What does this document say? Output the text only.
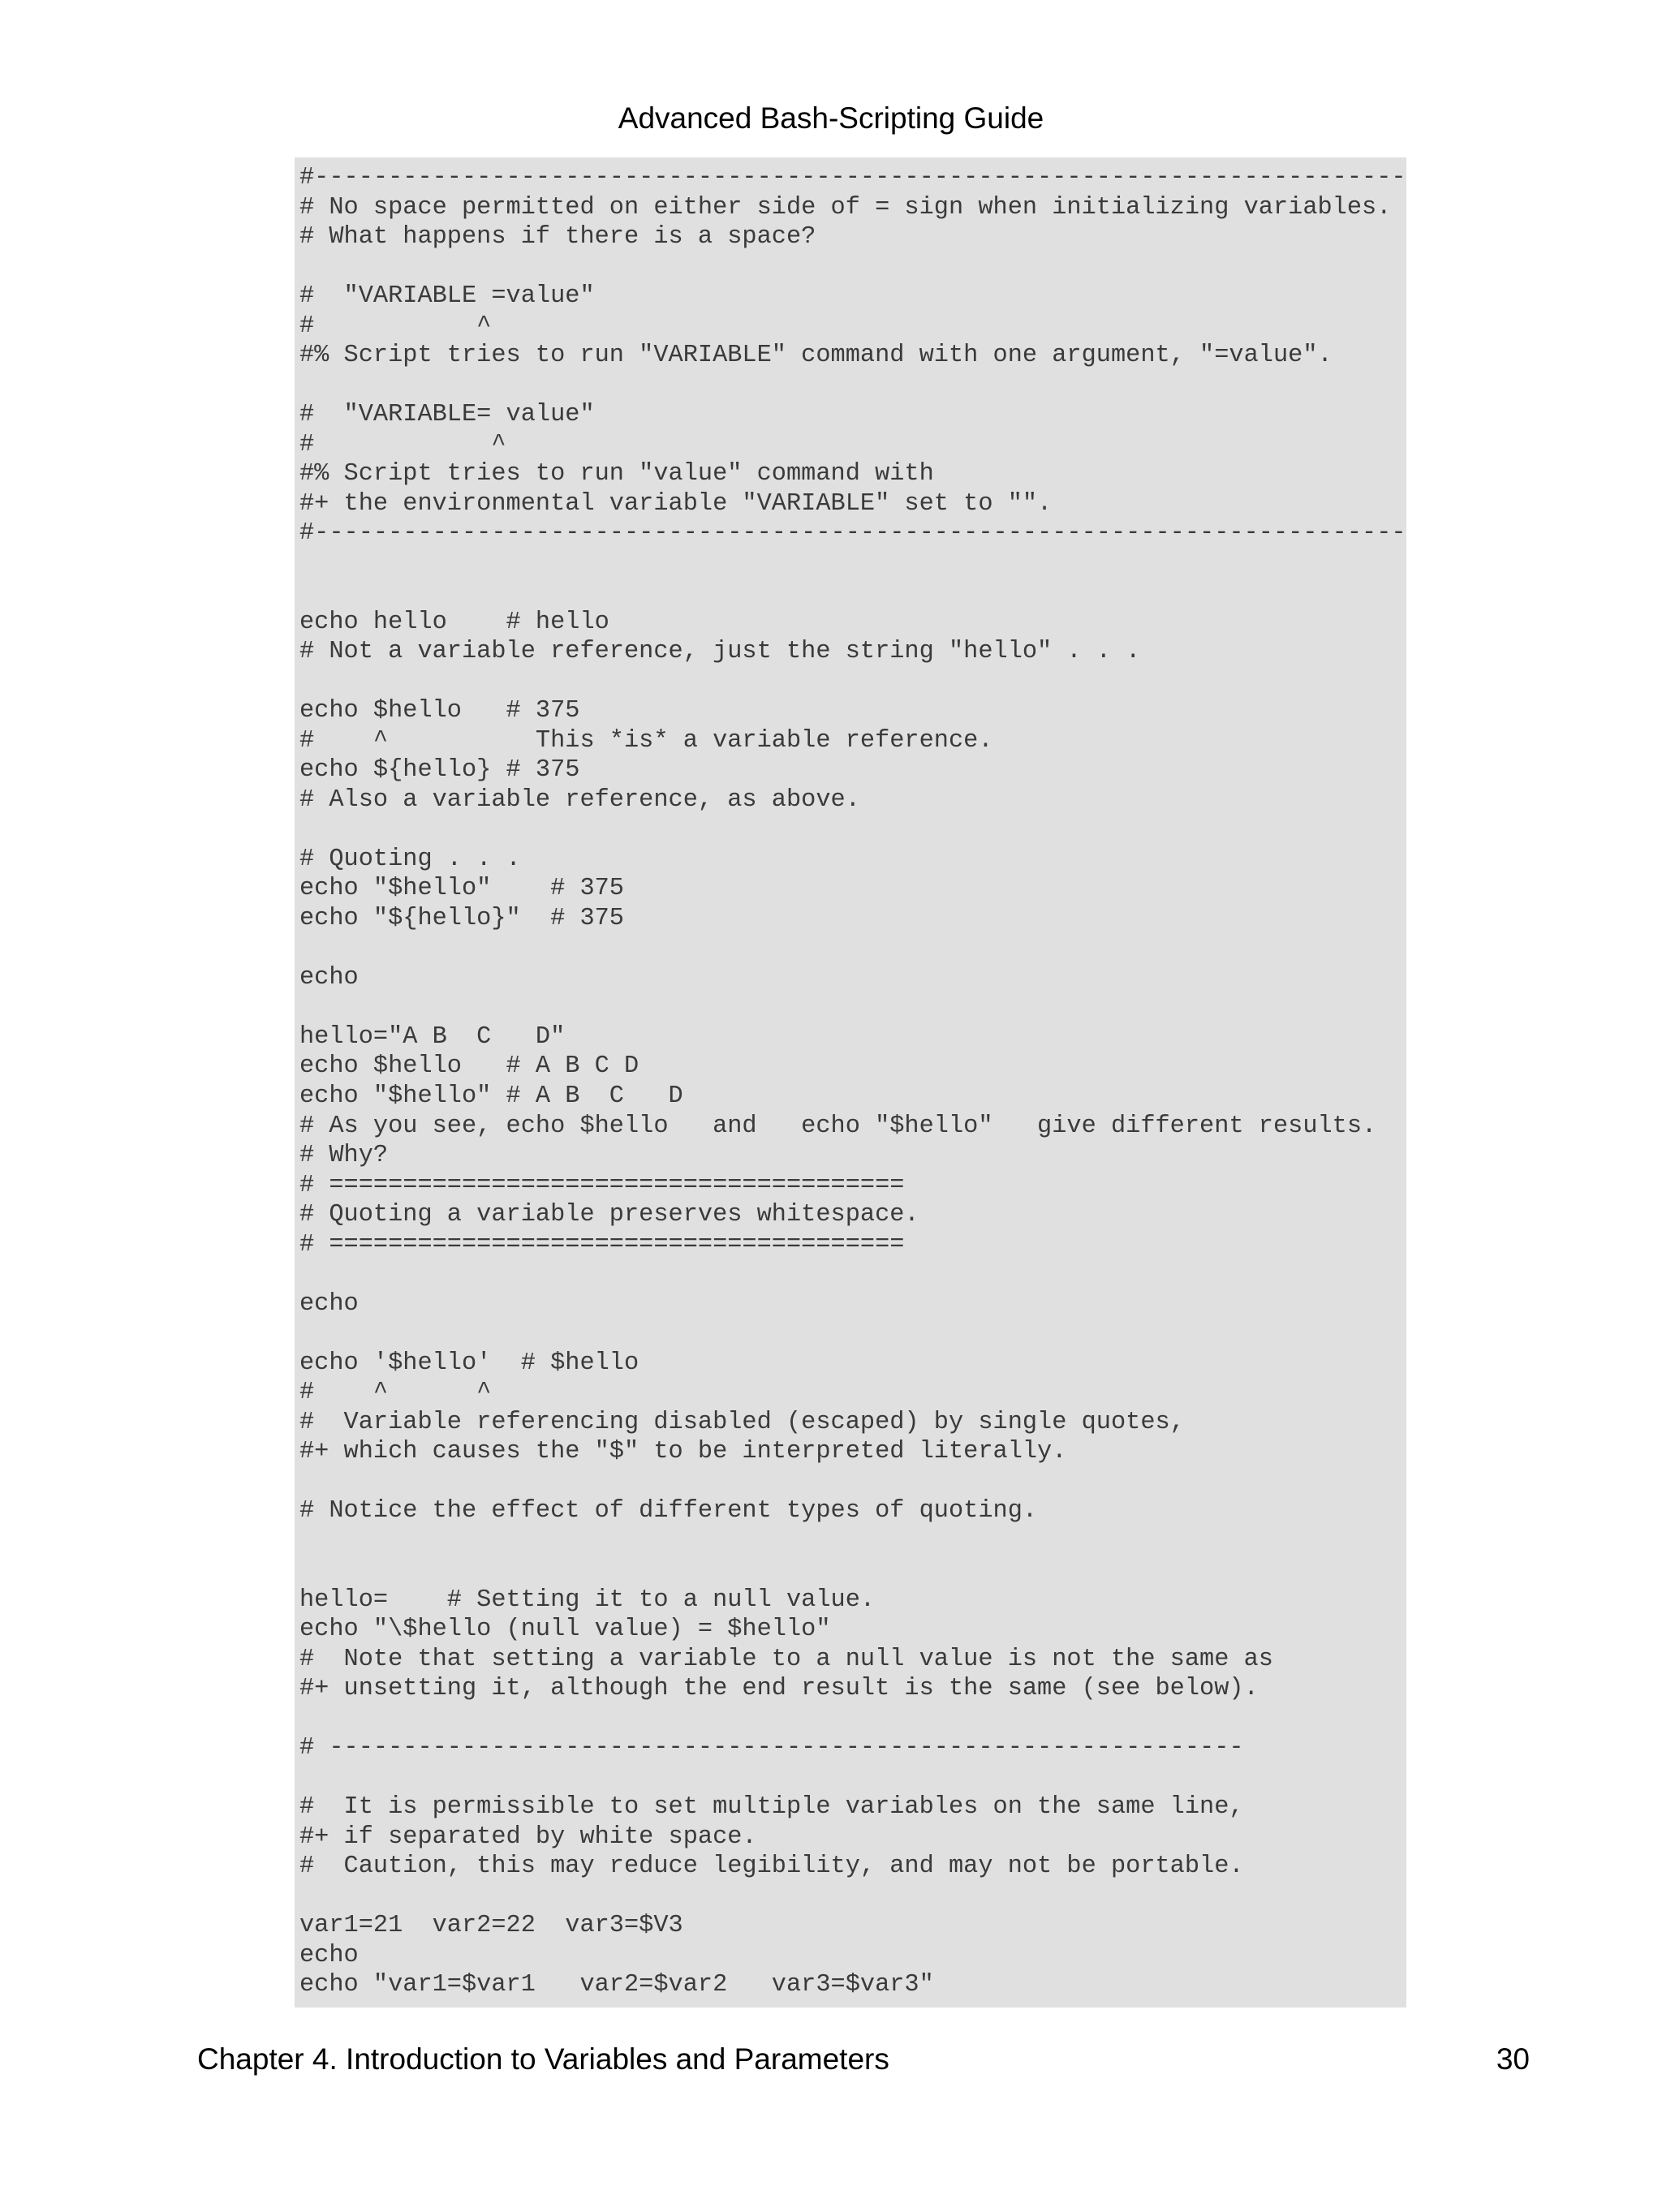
Advanced Bash-Scripting Guide
#--------------------------------------------------------------------------
# No space permitted on either side of = sign when initializing variables.
# What happens if there is a space?
#  "VARIABLE =value"
#           ^
#% Script tries to run "VARIABLE" command with one argument, "=value".
#  "VARIABLE= value"
#            ^
#% Script tries to run "value" command with
#+ the environmental variable "VARIABLE" set to "".
#--------------------------------------------------------------------------
echo hello    # hello
# Not a variable reference, just the string "hello" . . .
echo $hello   # 375
#    ^          This *is* a variable reference.
echo ${hello} # 375
# Also a variable reference, as above.
# Quoting . . .
echo "$hello"    # 375
echo "${hello}"  # 375
echo
hello="A B  C   D"
echo $hello   # A B C D
echo "$hello" # A B  C   D
# As you see, echo $hello   and   echo "$hello"   give different results.
# Why?
# =======================================
# Quoting a variable preserves whitespace.
# =======================================
echo
echo '$hello'  # $hello
#    ^      ^
#  Variable referencing disabled (escaped) by single quotes,
#+ which causes the "$" to be interpreted literally.
# Notice the effect of different types of quoting.
hello=    # Setting it to a null value.
echo "\$hello (null value) = $hello"
#  Note that setting a variable to a null value is not the same as
#+ unsetting it, although the end result is the same (see below).
# --------------------------------------------------------------
#  It is permissible to set multiple variables on the same line,
#+ if separated by white space.
#  Caution, this may reduce legibility, and may not be portable.
var1=21  var2=22  var3=$V3
echo
echo "var1=$var1   var2=$var2   var3=$var3"
Chapter 4. Introduction to Variables and Parameters	30
